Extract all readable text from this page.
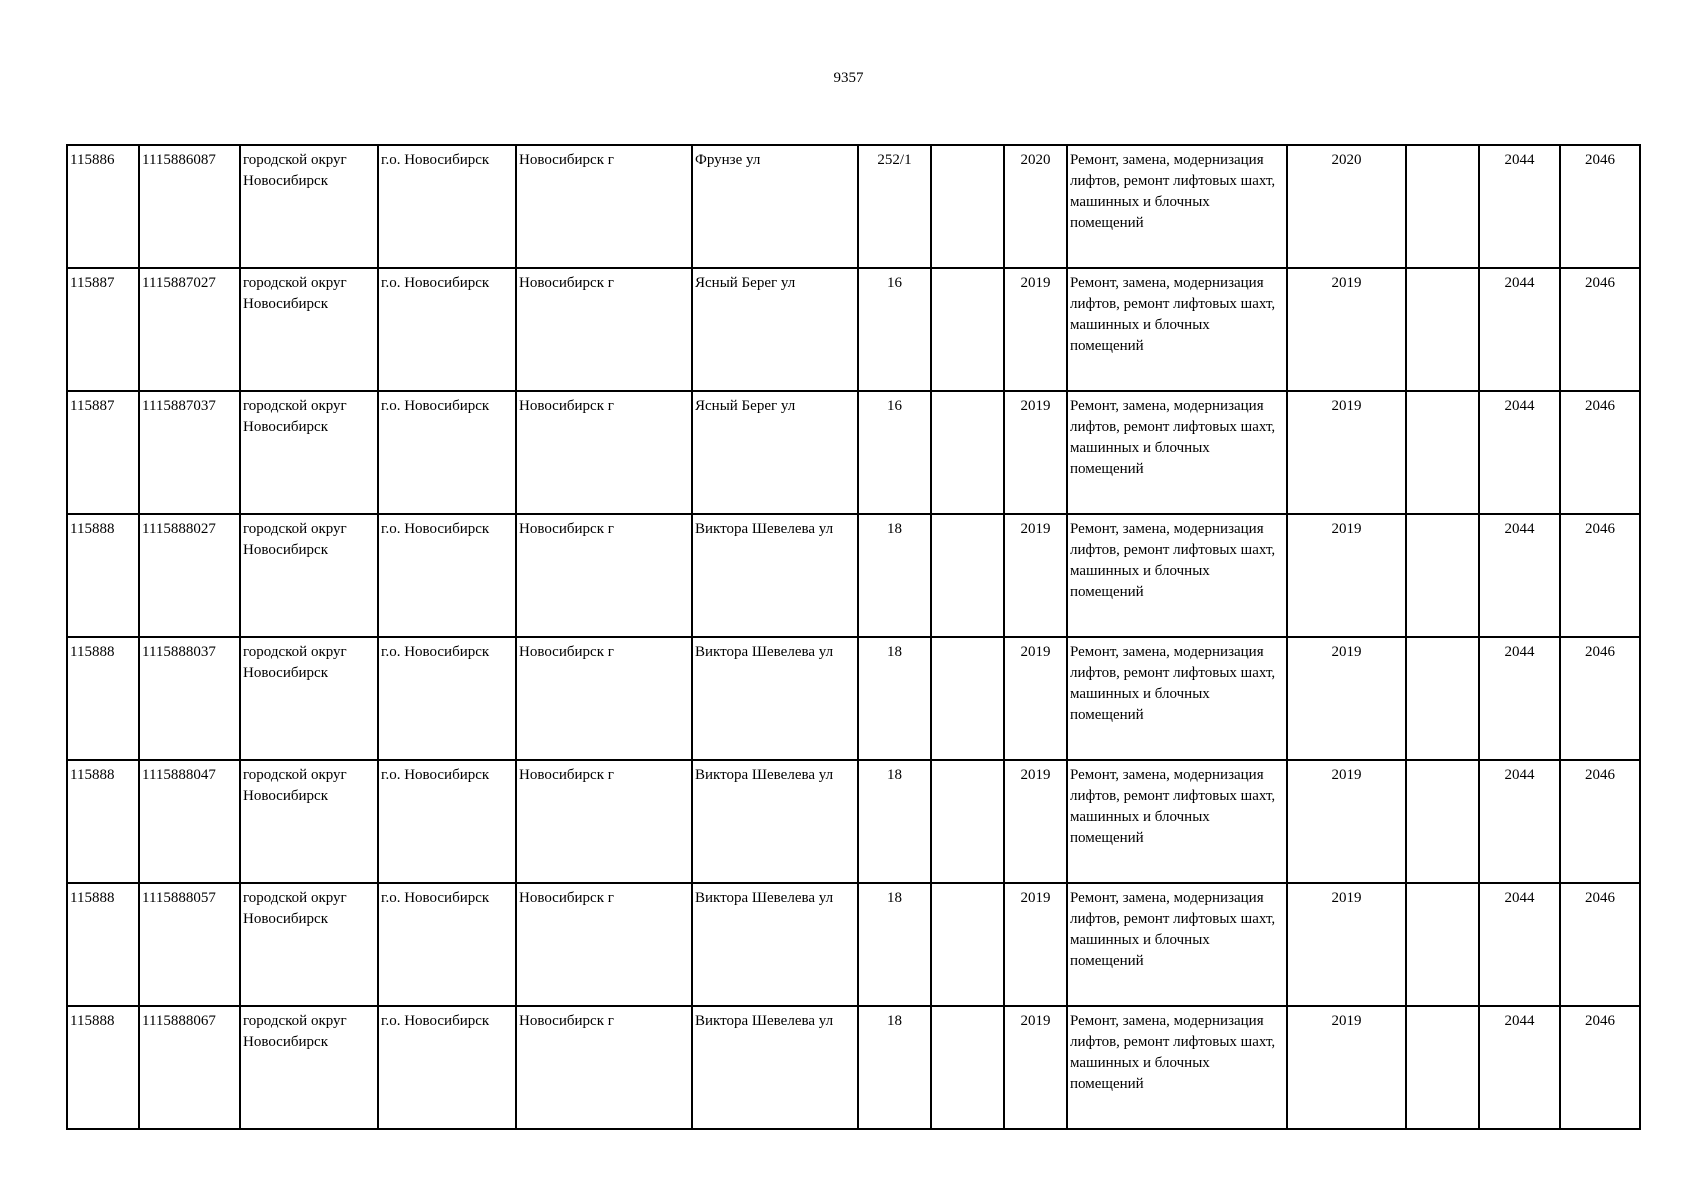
9357
115886	1115886087	городской округ Новосибирск	г.о. Новосибирск	Новосибирск г	Фрунзе ул	252/1		2020	Ремонт, замена, модернизация лифтов, ремонт лифтовых шахт, машинных и блочных помещений	2020		2044	2046
115887	1115887027	городской округ Новосибирск	г.о. Новосибирск	Новосибирск г	Ясный Берег ул	16		2019	Ремонт, замена, модернизация лифтов, ремонт лифтовых шахт, машинных и блочных помещений	2019		2044	2046
115887	1115887037	городской округ Новосибирск	г.о. Новосибирск	Новосибирск г	Ясный Берег ул	16		2019	Ремонт, замена, модернизация лифтов, ремонт лифтовых шахт, машинных и блочных помещений	2019		2044	2046
115888	1115888027	городской округ Новосибирск	г.о. Новосибирск	Новосибирск г	Виктора Шевелева ул	18		2019	Ремонт, замена, модернизация лифтов, ремонт лифтовых шахт, машинных и блочных помещений	2019		2044	2046
115888	1115888037	городской округ Новосибирск	г.о. Новосибирск	Новосибирск г	Виктора Шевелева ул	18		2019	Ремонт, замена, модернизация лифтов, ремонт лифтовых шахт, машинных и блочных помещений	2019		2044	2046
115888	1115888047	городской округ Новосибирск	г.о. Новосибирск	Новосибирск г	Виктора Шевелева ул	18		2019	Ремонт, замена, модернизация лифтов, ремонт лифтовых шахт, машинных и блочных помещений	2019		2044	2046
115888	1115888057	городской округ Новосибирск	г.о. Новосибирск	Новосибирск г	Виктора Шевелева ул	18		2019	Ремонт, замена, модернизация лифтов, ремонт лифтовых шахт, машинных и блочных помещений	2019		2044	2046
115888	1115888067	городской округ Новосибирск	г.о. Новосибирск	Новосибирск г	Виктора Шевелева ул	18		2019	Ремонт, замена, модернизация лифтов, ремонт лифтовых шахт, машинных и блочных помещений	2019		2044	2046
